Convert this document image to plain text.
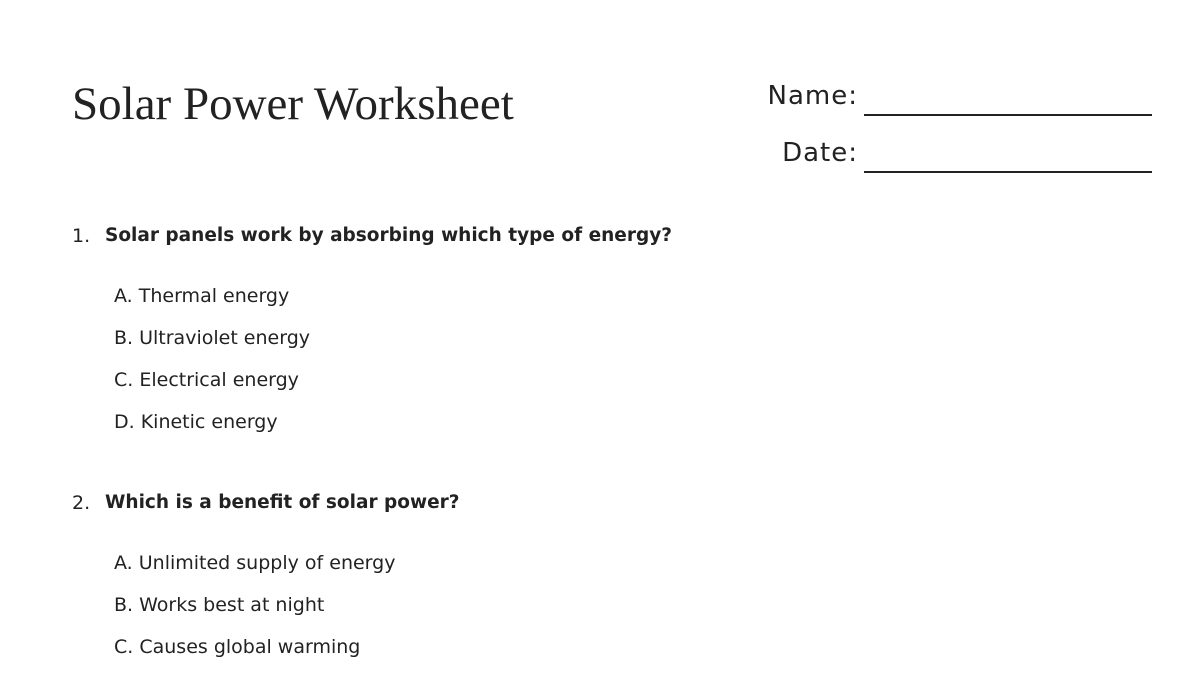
Solar Power Worksheet	Name:
Date:
1. Solar panels work by absorbing which type of energy?
A. Thermal energy
B. Ultraviolet energy
C. Electrical energy
D. Kinetic energy
2. Which is a benefit of solar power?
A. Unlimited supply of energy
B. Works best at night
C. Causes global warming
